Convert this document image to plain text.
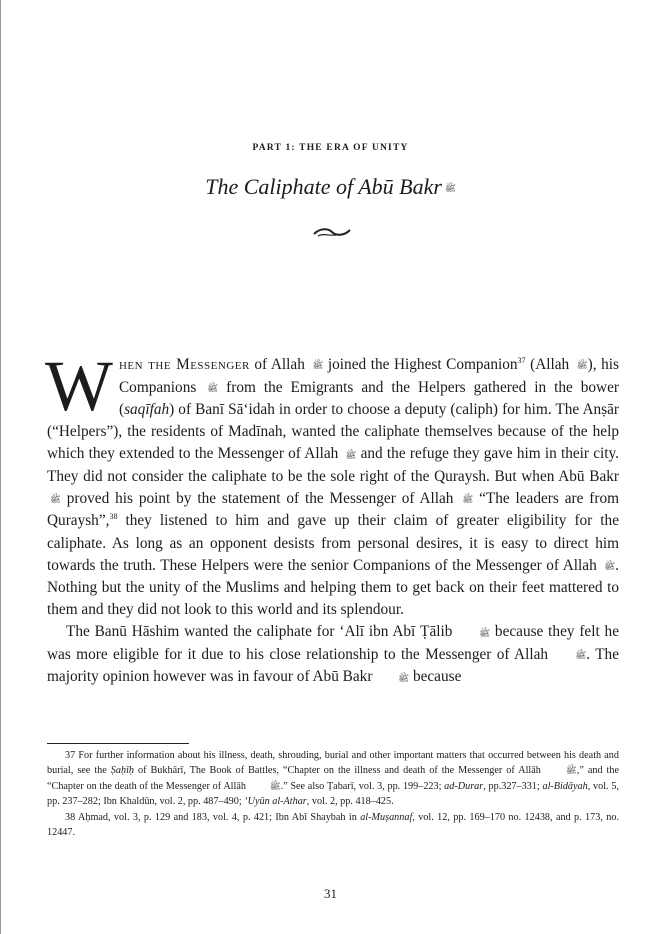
PART 1: THE ERA OF UNITY
The Caliphate of Abū Bakr ﷺ

When the Messenger of Allah ﷺ joined the Highest Companion$^{37}$ (Allah ﷺ), his Companions ﷺ from the Emigrants and the Helpers gathered in the bower (saqīfah) of Banī Sā‘idah in order to choose a deputy (caliph) for him. The Anṣār (“Helpers”), the residents of Madīnah, wanted the caliphate themselves because of the help which they extended to the Messenger of Allah ﷺ and the refuge they gave him in their city. They did not consider the caliphate to be the sole right of the Quraysh. But when Abū Bakr ﷺ proved his point by the statement of the Messenger of Allah ﷺ “The leaders are from Quraysh”,$^{38}$ they listened to him and gave up their claim of greater eligibility for the caliphate. As long as an opponent desists from personal desires, it is easy to direct him towards the truth. These Helpers were the senior Companions of the Messenger of Allah ﷺ. Nothing but the unity of the Muslims and helping them to get back on their feet mattered to them and they did not look to this world and its splendour.

The Banū Hāshim wanted the caliphate for ‘Alī ibn Abī Ṭālib ﷺ because they felt he was more eligible for it due to his close relationship to the Messenger of Allah ﷺ. The majority opinion however was in favour of Abū Bakr ﷺ because

37 For further information about his illness, death, shrouding, burial and other important matters that occurred between his death and burial, see the Ṣaḥīḥ of Bukhārī, The Book of Battles, “Chapter on the illness and death of the Messenger of Allāh ﷺ,” and the “Chapter on the death of the Messenger of Allāh ﷺ.” See also Ṭabarī, vol. 3, pp. 199–223; ad-Durar, pp.327–331; al-Bidāyah, vol. 5, pp. 237–282; Ibn Khaldūn, vol. 2, pp. 487–490; ‘Uyūn al-Athar, vol. 2, pp. 418–425.

38 Aḥmad, vol. 3, p. 129 and 183, vol. 4, p. 421; Ibn Abī Shaybah in al-Muṣannaf, vol. 12, pp. 169–170 no. 12438, and p. 173, no. 12447.

31
